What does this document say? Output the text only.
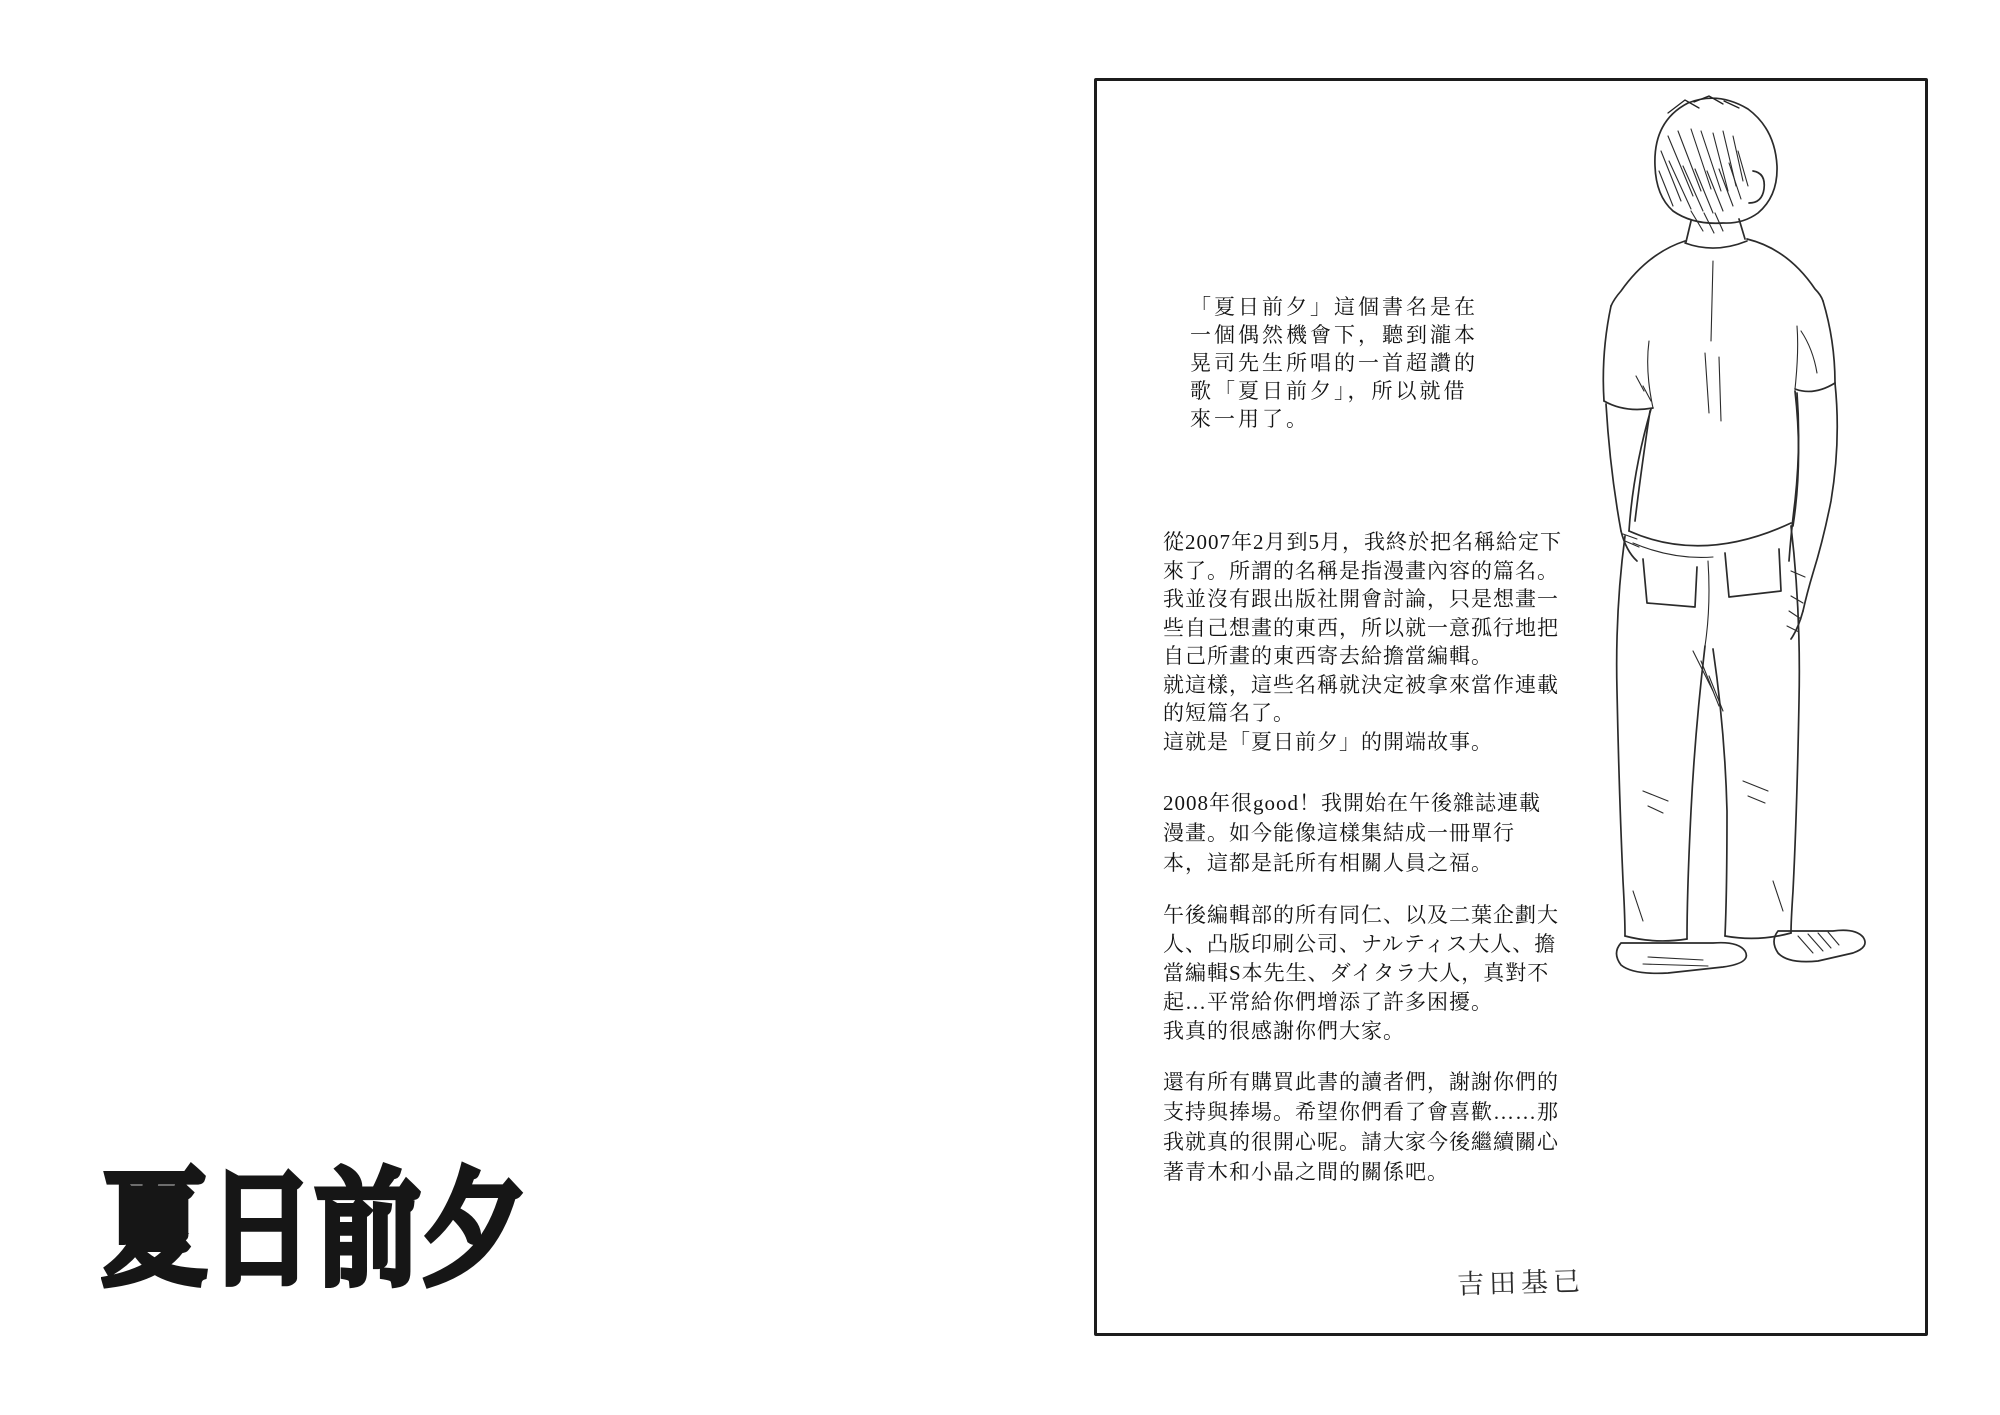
夏日前夕
「夏日前夕」這個書名是在
一個偶然機會下，聽到瀧本
晃司先生所唱的一首超讚的
歌「夏日前夕」，所以就借
來一用了。
從2007年2月到5月，我終於把名稱給定下
來了。所謂的名稱是指漫畫內容的篇名。
我並沒有跟出版社開會討論，只是想畫一
些自己想畫的東西，所以就一意孤行地把
自己所畫的東西寄去給擔當編輯。
就這樣，這些名稱就決定被拿來當作連載
的短篇名了。
這就是「夏日前夕」的開端故事。
2008年很good！我開始在午後雜誌連載
漫畫。如今能像這樣集結成一冊單行
本，這都是託所有相關人員之福。
午後編輯部的所有同仁、以及二葉企劃大
人、凸版印刷公司、ナルティス大人、擔
當編輯S本先生、ダイタラ大人，真對不
起…平常給你們增添了許多困擾。
我真的很感謝你們大家。
還有所有購買此書的讀者們，謝謝你們的
支持與捧場。希望你們看了會喜歡……那
我就真的很開心呢。請大家今後繼續關心
著青木和小晶之間的關係吧。
吉田基已
